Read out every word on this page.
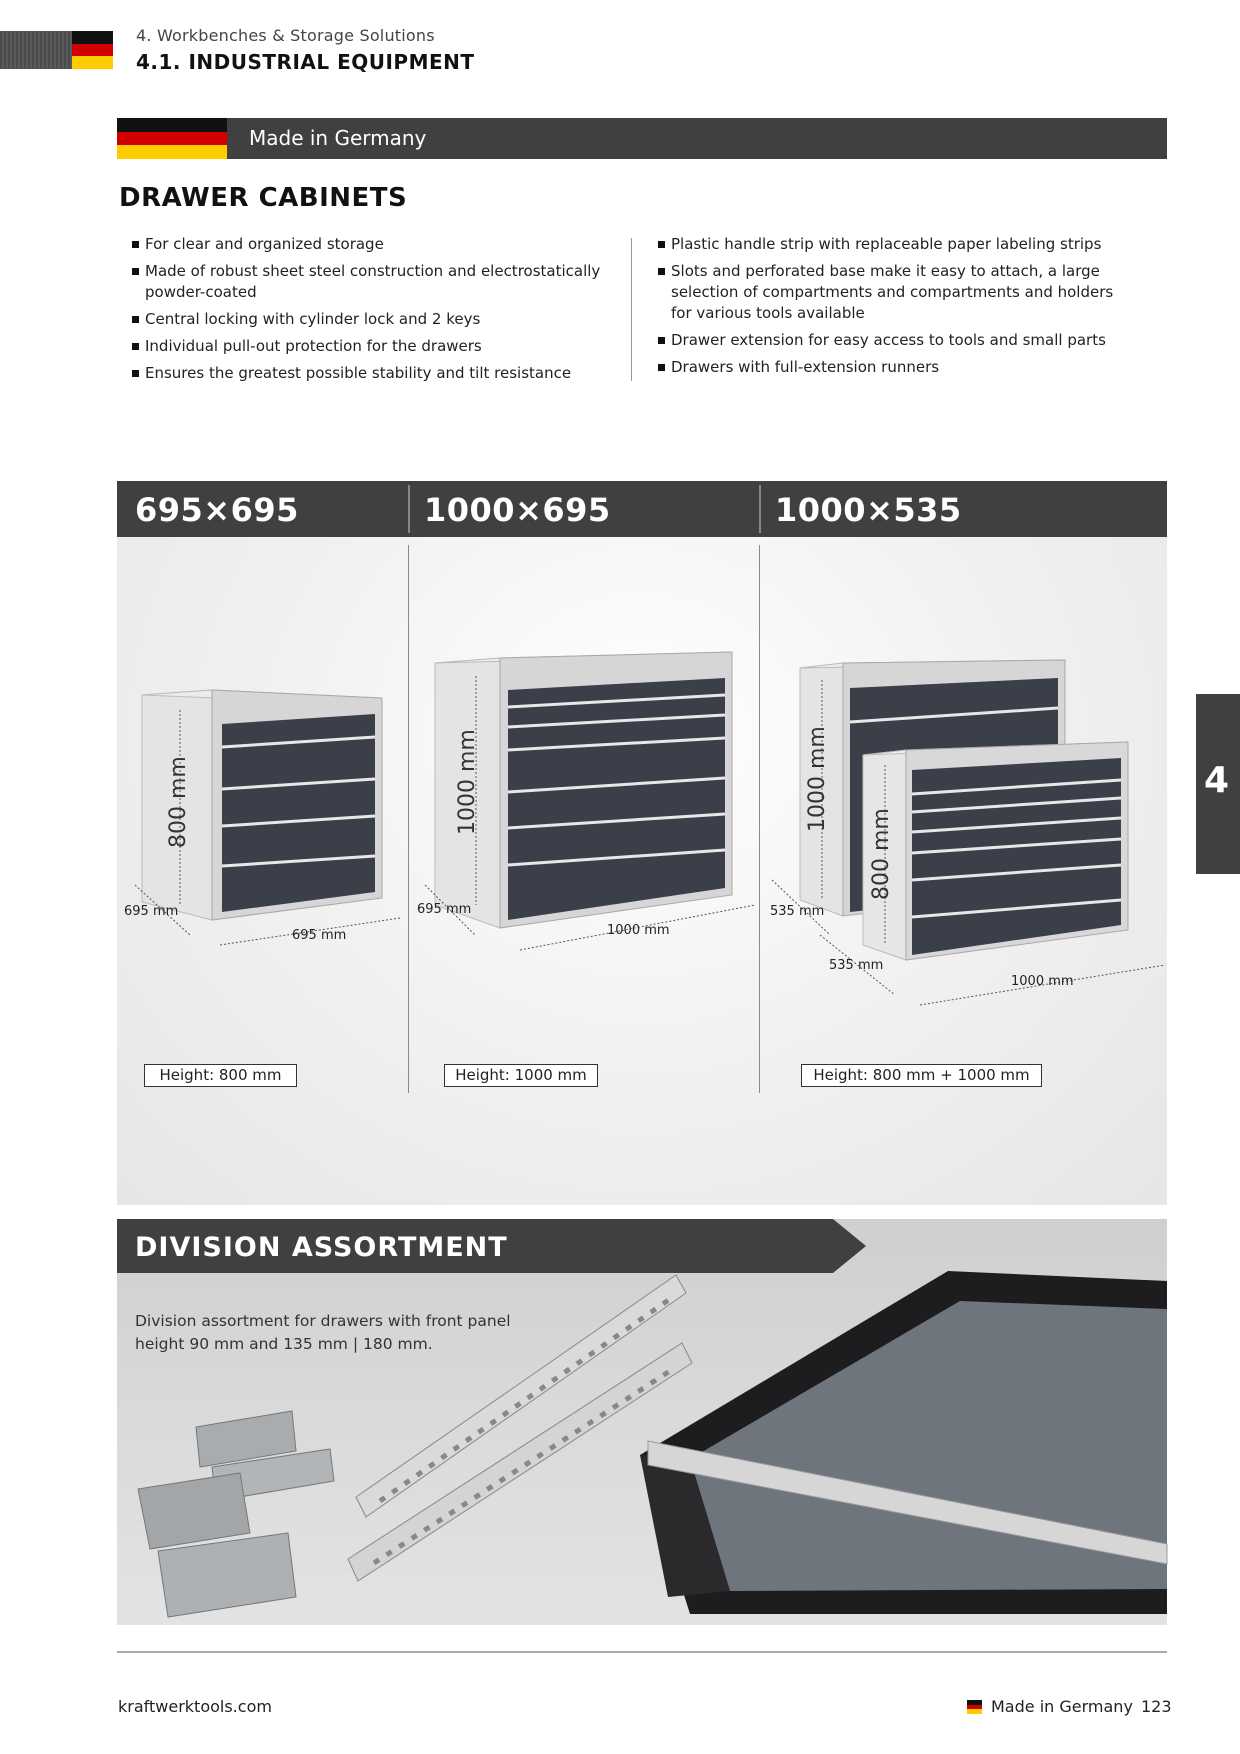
4. Workbenches & Storage Solutions
4.1. INDUSTRIAL EQUIPMENT
Made in Germany
DRAWER CABINETS
For clear and organized storage
Made of robust sheet steel construction and electrostatically powder-coated
Central locking with cylinder lock and 2 keys
Individual pull-out protection for the drawers
Ensures the greatest possible stability and tilt resistance
Plastic handle strip with replaceable paper labeling strips
Slots and perforated base make it easy to attach, a large selection of compartments and compartments and holders for various tools available
Drawer extension for easy access to tools and small parts
Drawers with full-extension runners
695×695	1000×695	1000×535
800 mm
695 mm
695 mm
1000 mm
695 mm
1000 mm
1000 mm
800 mm
535 mm
535 mm
1000 mm
Height: 800 mm	Height: 1000 mm	Height: 800 mm + 1000 mm
DIVISION ASSORTMENT
Division assortment for drawers with front panel
height 90 mm and 135 mm | 180 mm.
4
kraftwerktools.com	Made in Germany 123
